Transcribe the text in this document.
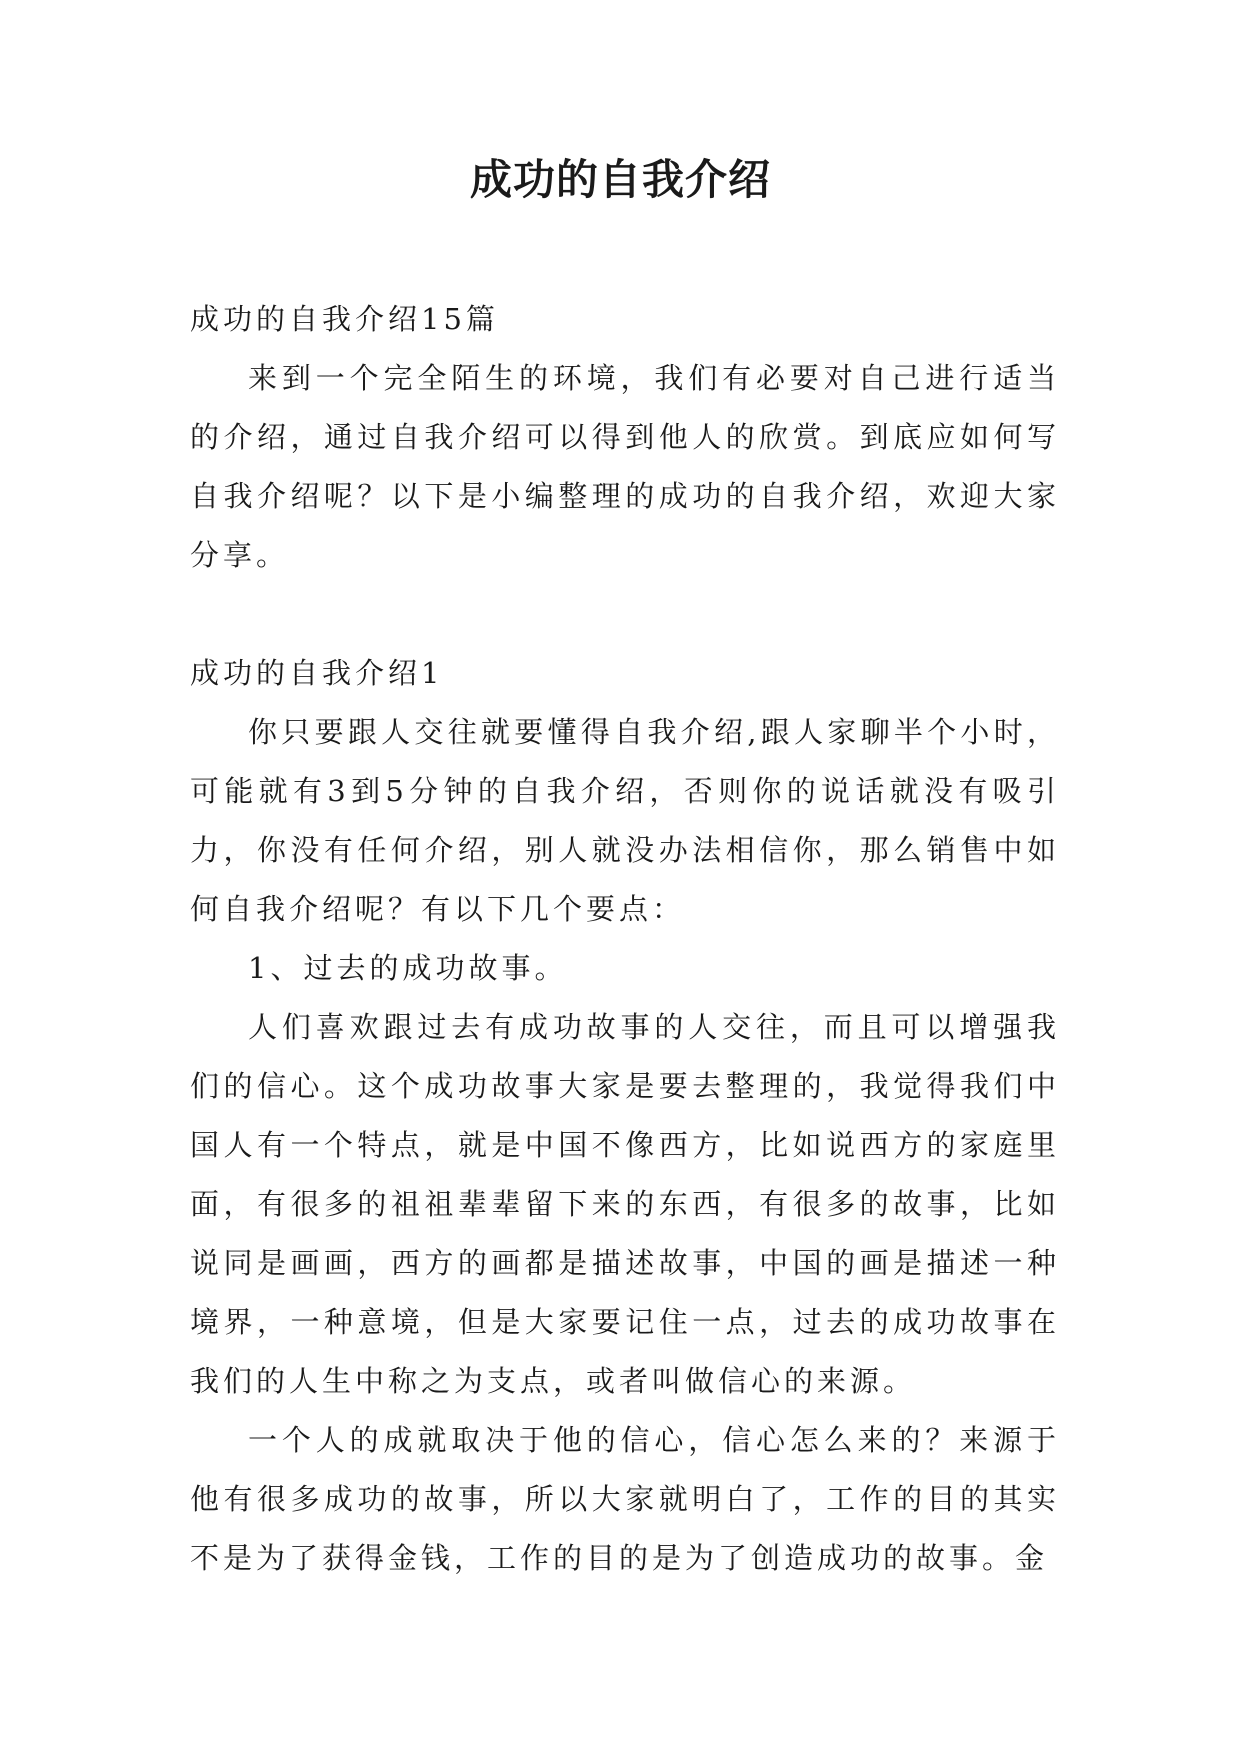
成功的自我介绍

成功的自我介绍15篇

来到一个完全陌生的环境，我们有必要对自己进行适当的介绍，通过自我介绍可以得到他人的欣赏。到底应如何写自我介绍呢？以下是小编整理的成功的自我介绍，欢迎大家分享。

成功的自我介绍1

你只要跟人交往就要懂得自我介绍,跟人家聊半个小时，可能就有3到5分钟的自我介绍，否则你的说话就没有吸引力，你没有任何介绍，别人就没办法相信你，那么销售中如何自我介绍呢？有以下几个要点：

1、过去的成功故事。

人们喜欢跟过去有成功故事的人交往，而且可以增强我们的信心。这个成功故事大家是要去整理的，我觉得我们中国人有一个特点，就是中国不像西方，比如说西方的家庭里面，有很多的祖祖辈辈留下来的东西，有很多的故事，比如说同是画画，西方的画都是描述故事，中国的画是描述一种境界，一种意境，但是大家要记住一点，过去的成功故事在我们的人生中称之为支点，或者叫做信心的来源。

一个人的成就取决于他的信心，信心怎么来的？来源于他有很多成功的故事，所以大家就明白了，工作的目的其实不是为了获得金钱，工作的目的是为了创造成功的故事。金
